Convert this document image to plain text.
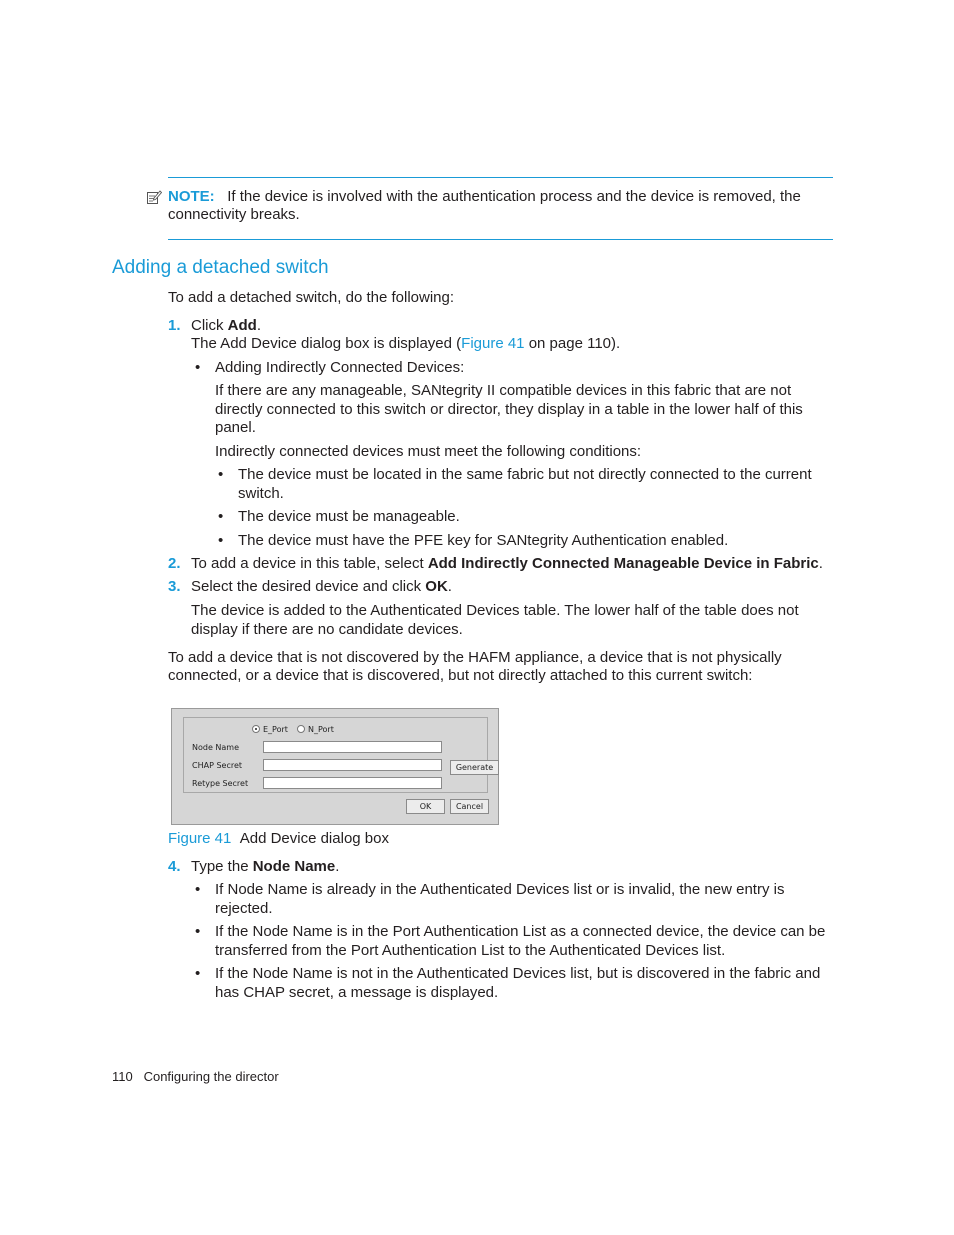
NOTE: If the device is involved with the authentication process and the device is removed, the
connectivity breaks.
Adding a detached switch
To add a detached switch, do the following:
1. Click Add.
The Add Device dialog box is displayed (Figure 41 on page 110).
• Adding Indirectly Connected Devices:
If there are any manageable, SANtegrity II compatible devices in this fabric that are not
directly connected to this switch or director, they display in a table in the lower half of this
panel.
Indirectly connected devices must meet the following conditions:
• The device must be located in the same fabric but not directly connected to the current
switch.
• The device must be manageable.
• The device must have the PFE key for SANtegrity Authentication enabled.
2. To add a device in this table, select Add Indirectly Connected Manageable Device in Fabric.
3. Select the desired device and click OK.
The device is added to the Authenticated Devices table. The lower half of the table does not
display if there are no candidate devices.
To add a device that is not discovered by the HAFM appliance, a device that is not physically
connected, or a device that is discovered, but not directly attached to this current switch:
E_Port	N_Port
Node Name
CHAP Secret	Generate
Retype Secret
OK	Cancel
Figure 41 Add Device dialog box
4. Type the Node Name.
• If Node Name is already in the Authenticated Devices list or is invalid, the new entry is
rejected.
• If the Node Name is in the Port Authentication List as a connected device, the device can be
transferred from the Port Authentication List to the Authenticated Devices list.
• If the Node Name is not in the Authenticated Devices list, but is discovered in the fabric and
has CHAP secret, a message is displayed.
110 Configuring the director
